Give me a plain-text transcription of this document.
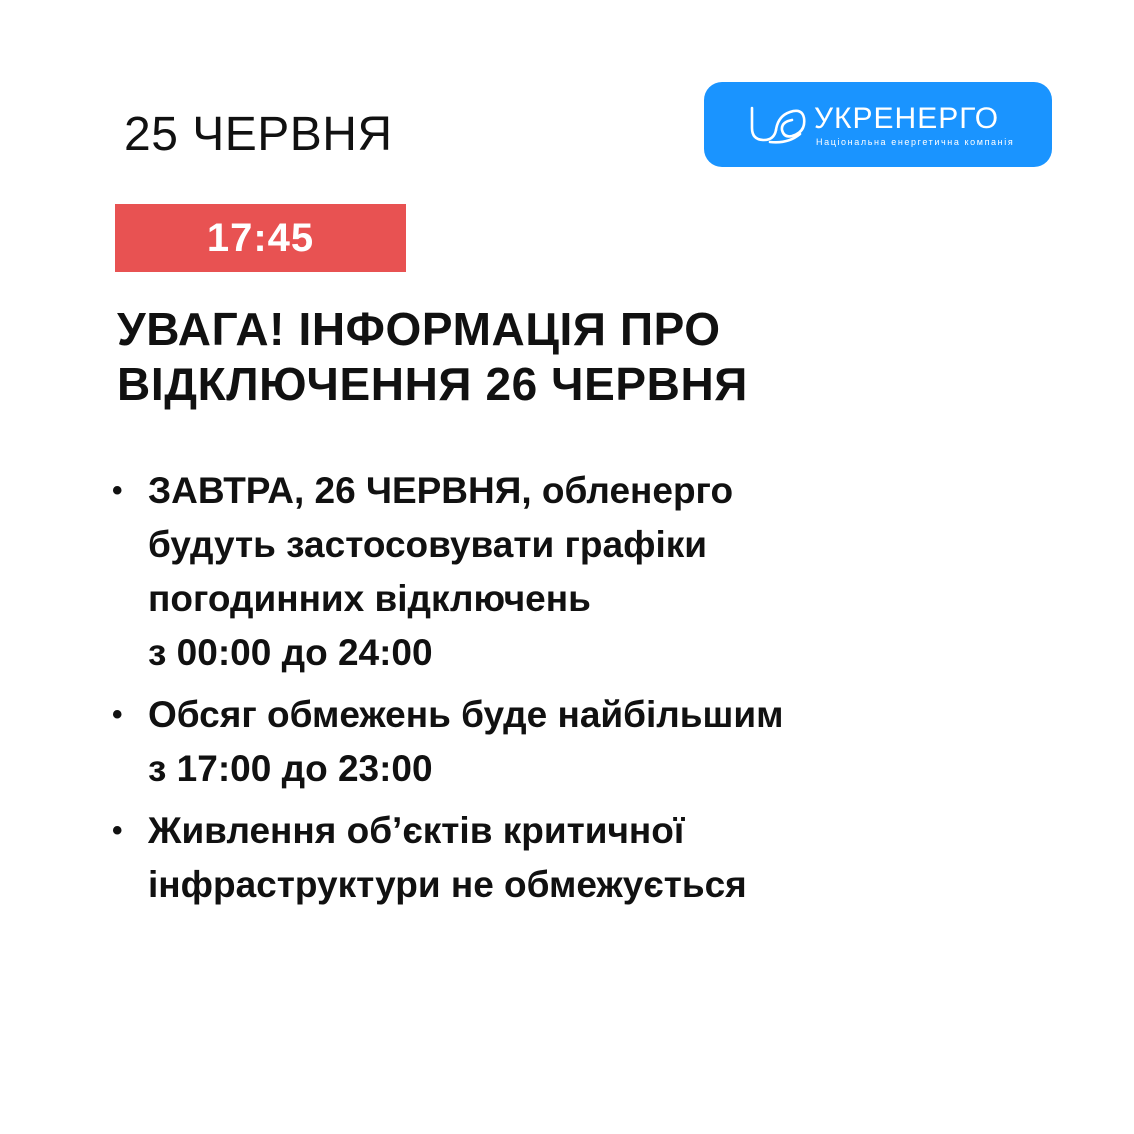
25 ЧЕРВНЯ	УКРЕНЕРГО
Національна енергетична компанія
17:45
УВАГА! ІНФОРМАЦІЯ ПРО
ВІДКЛЮЧЕННЯ 26 ЧЕРВНЯ
• ЗАВТРА, 26 ЧЕРВНЯ, обленерго
будуть застосовувати графіки
погодинних відключень
з 00:00 до 24:00
• Обсяг обмежень буде найбільшим
з 17:00 до 23:00
• Живлення об’єктів критичної
інфраструктури не обмежується
